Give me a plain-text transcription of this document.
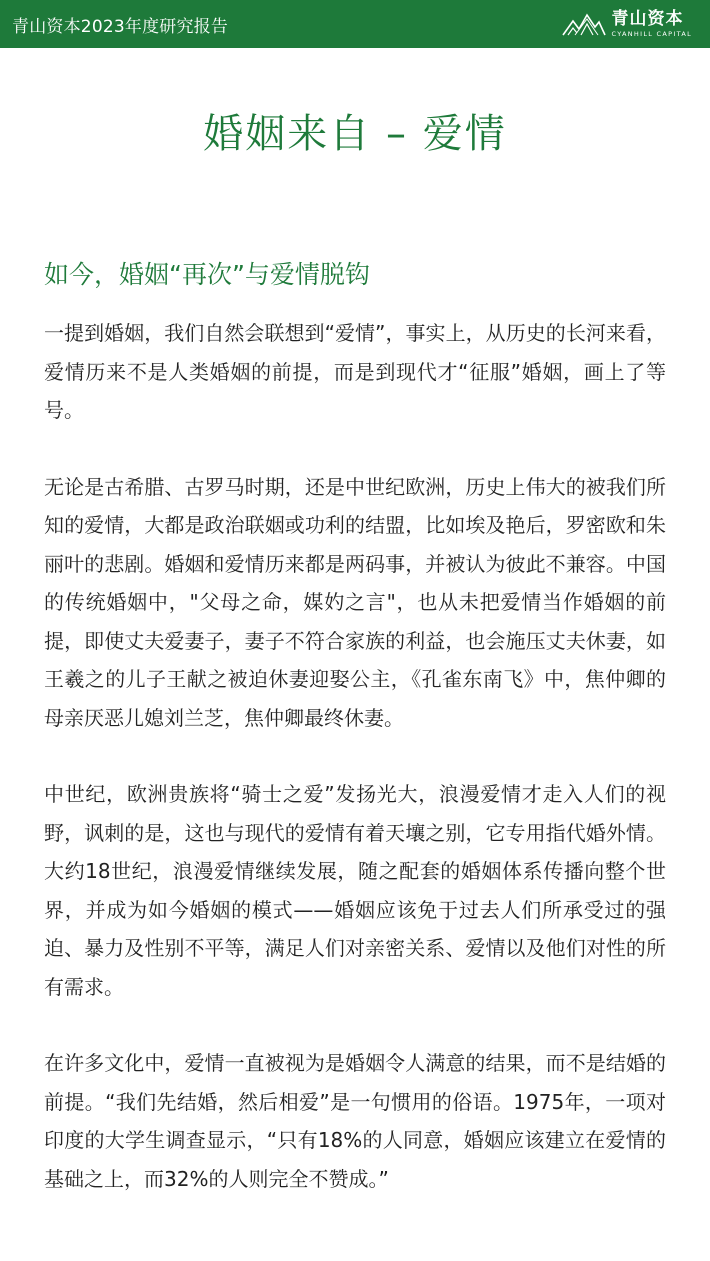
青山资本2023年度研究报告	青山资本
CYANHILL CAPITAL
婚姻来自 – 爱情
如今，婚姻“再次”与爱情脱钩

一提到婚姻，我们自然会联想到“爱情”，事实上，从历史的长河来看，爱情历来不是人类婚姻的前提，而是到现代才“征服”婚姻，画上了等号。

无论是古希腊、古罗马时期，还是中世纪欧洲，历史上伟大的被我们所知的爱情，大都是政治联姻或功利的结盟，比如埃及艳后，罗密欧和朱丽叶的悲剧。婚姻和爱情历来都是两码事，并被认为彼此不兼容。中国的传统婚姻中，"父母之命，媒妁之言"，也从未把爱情当作婚姻的前提，即使丈夫爱妻子，妻子不符合家族的利益，也会施压丈夫休妻，如王羲之的儿子王献之被迫休妻迎娶公主，《孔雀东南飞》中，焦仲卿的母亲厌恶儿媳刘兰芝，焦仲卿最终休妻。

中世纪，欧洲贵族将“骑士之爱”发扬光大，浪漫爱情才走入人们的视野，讽刺的是，这也与现代的爱情有着天壤之别，它专用指代婚外情。大约18世纪，浪漫爱情继续发展，随之配套的婚姻体系传播向整个世界，并成为如今婚姻的模式——婚姻应该免于过去人们所承受过的强迫、暴力及性别不平等，满足人们对亲密关系、爱情以及他们对性的所有需求。

在许多文化中，爱情一直被视为是婚姻令人满意的结果，而不是结婚的前提。“我们先结婚，然后相爱”是一句惯用的俗语。1975年，一项对印度的大学生调查显示，“只有18%的人同意，婚姻应该建立在爱情的基础之上，而32%的人则完全不赞成。”
